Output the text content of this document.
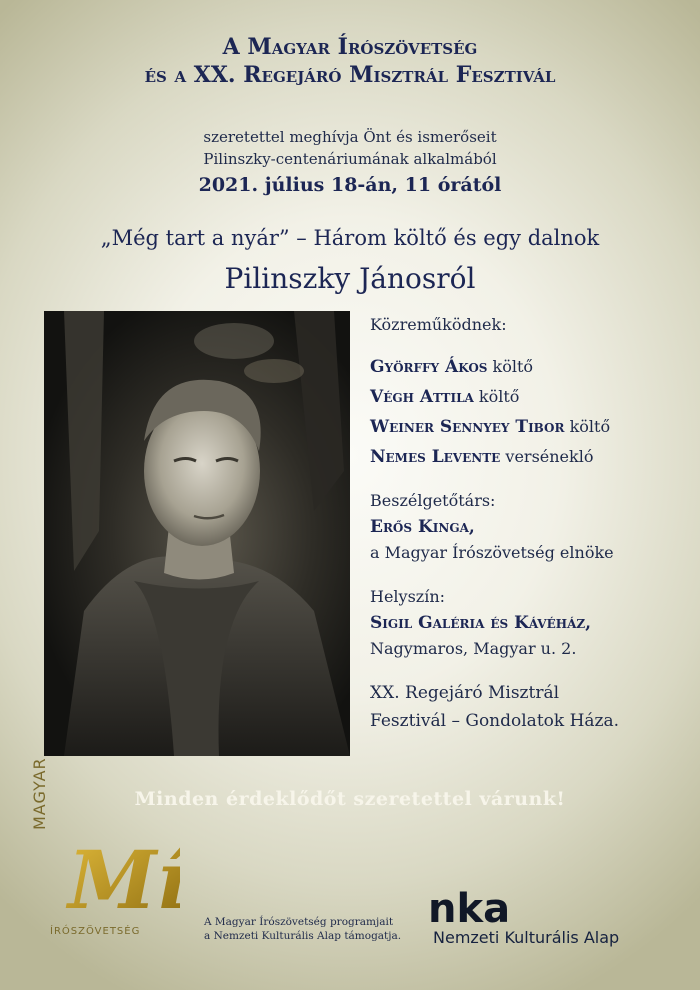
A Magyar Írószövetség
és a XX. Regejáró Misztrál Fesztivál
szeretettel meghívja Önt és ismerőseit
Pilinszky-centenáriumának alkalmából
2021. július 18-án, 11 órától
„Még tart a nyár” – Három költő és egy dalnok
Pilinszky Jánosról
Közreműködnek:
Györffy Ákos költő
Végh Attila költő
Weiner Sennyey Tibor költő
Nemes Levente versénekló
Beszélgetőtárs:
Erős Kinga,
a Magyar Írószövetség elnöke
Helyszín:
Sigil Galéria és Kávéház,
Nagymaros, Magyar u. 2.
XX. Regejáró Misztrál
Fesztivál – Gondolatok Háza.
Minden érdeklődőt szeretettel várunk!
MAGYAR
Mí
ÍRÓSZÖVETSÉG
A Magyar Írószövetség programjait
a Nemzeti Kulturális Alap támogatja.
nka
Nemzeti Kulturális Alap
